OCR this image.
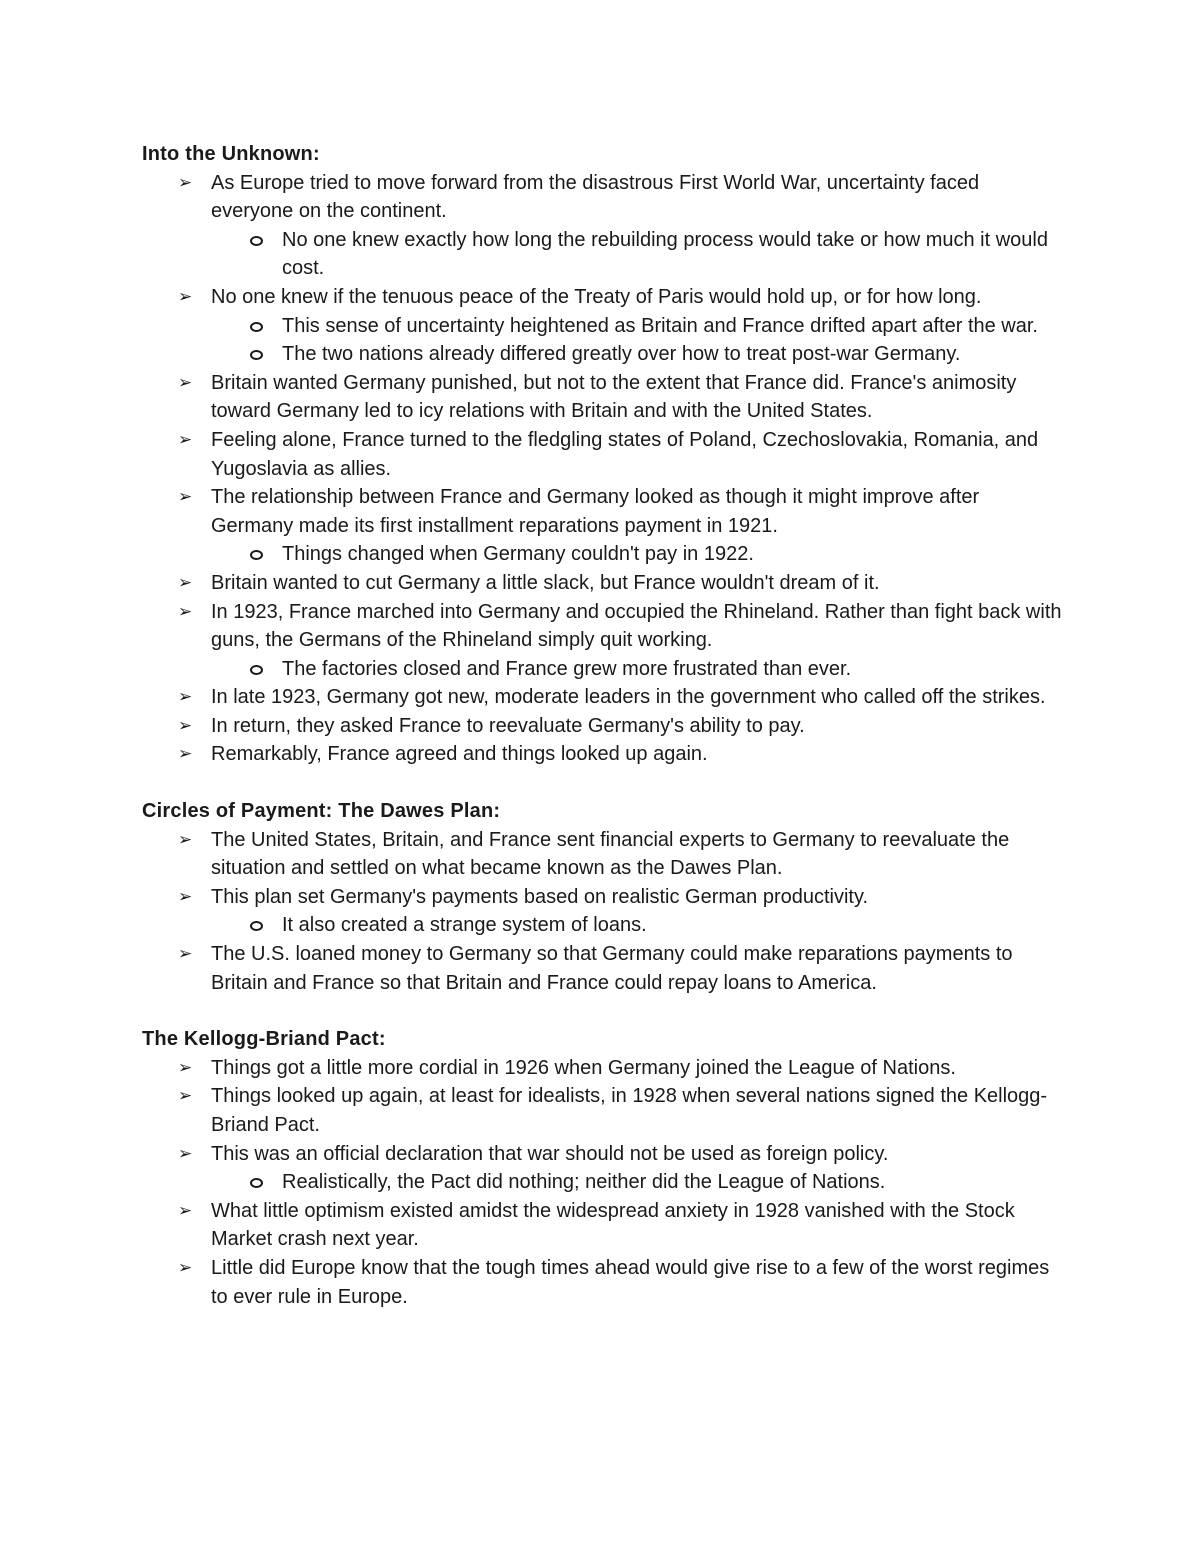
Into the Unknown:

➢ As Europe tried to move forward from the disastrous First World War, uncertainty faced everyone on the continent.
No one knew exactly how long the rebuilding process would take or how much it would cost.
➢ No one knew if the tenuous peace of the Treaty of Paris would hold up, or for how long.
This sense of uncertainty heightened as Britain and France drifted apart after the war.
The two nations already differed greatly over how to treat post-war Germany.
➢ Britain wanted Germany punished, but not to the extent that France did. France's animosity toward Germany led to icy relations with Britain and with the United States.
➢ Feeling alone, France turned to the fledgling states of Poland, Czechoslovakia, Romania, and Yugoslavia as allies.
➢ The relationship between France and Germany looked as though it might improve after Germany made its first installment reparations payment in 1921.
Things changed when Germany couldn't pay in 1922.
➢ Britain wanted to cut Germany a little slack, but France wouldn't dream of it.
➢ In 1923, France marched into Germany and occupied the Rhineland. Rather than fight back with guns, the Germans of the Rhineland simply quit working.
The factories closed and France grew more frustrated than ever.
➢ In late 1923, Germany got new, moderate leaders in the government who called off the strikes.
➢ In return, they asked France to reevaluate Germany's ability to pay.
➢ Remarkably, France agreed and things looked up again.

Circles of Payment: The Dawes Plan:

➢ The United States, Britain, and France sent financial experts to Germany to reevaluate the situation and settled on what became known as the Dawes Plan.
➢ This plan set Germany's payments based on realistic German productivity.
It also created a strange system of loans.
➢ The U.S. loaned money to Germany so that Germany could make reparations payments to Britain and France so that Britain and France could repay loans to America.

The Kellogg-Briand Pact:

➢ Things got a little more cordial in 1926 when Germany joined the League of Nations.
➢ Things looked up again, at least for idealists, in 1928 when several nations signed the Kellogg-Briand Pact.
➢ This was an official declaration that war should not be used as foreign policy.
Realistically, the Pact did nothing; neither did the League of Nations.
➢ What little optimism existed amidst the widespread anxiety in 1928 vanished with the Stock Market crash next year.
➢ Little did Europe know that the tough times ahead would give rise to a few of the worst regimes to ever rule in Europe.
